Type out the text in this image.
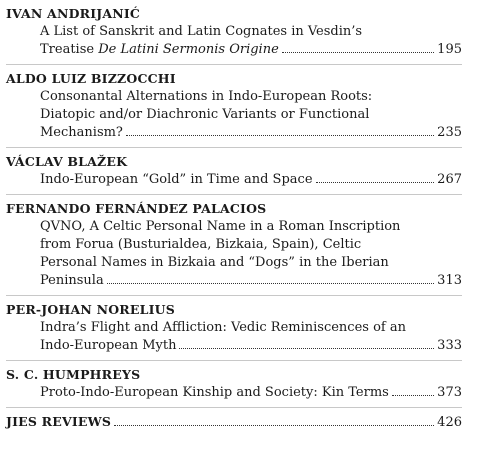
IVAN ANDRIJANIĆ
A List of Sanskrit and Latin Cognates in Vesdin’s
Treatise De Latini Sermonis Origine	195
ALDO LUIZ BIZZOCCHI
Consonantal Alternations in Indo-European Roots:
Diatopic and/or Diachronic Variants or Functional
Mechanism?	235
VÁCLAV BLAŽEK
Indo-European “Gold” in Time and Space	267
FERNANDO FERNÁNDEZ PALACIOS
QVNO, A Celtic Personal Name in a Roman Inscription
from Forua (Busturialdea, Bizkaia, Spain), Celtic
Personal Names in Bizkaia and “Dogs” in the Iberian
Peninsula	313
PER-JOHAN NORELIUS
Indra’s Flight and Affliction: Vedic Reminiscences of an
Indo-European Myth	333
S. C. HUMPHREYS
Proto-Indo-European Kinship and Society: Kin Terms	373
JIES REVIEWS	426
